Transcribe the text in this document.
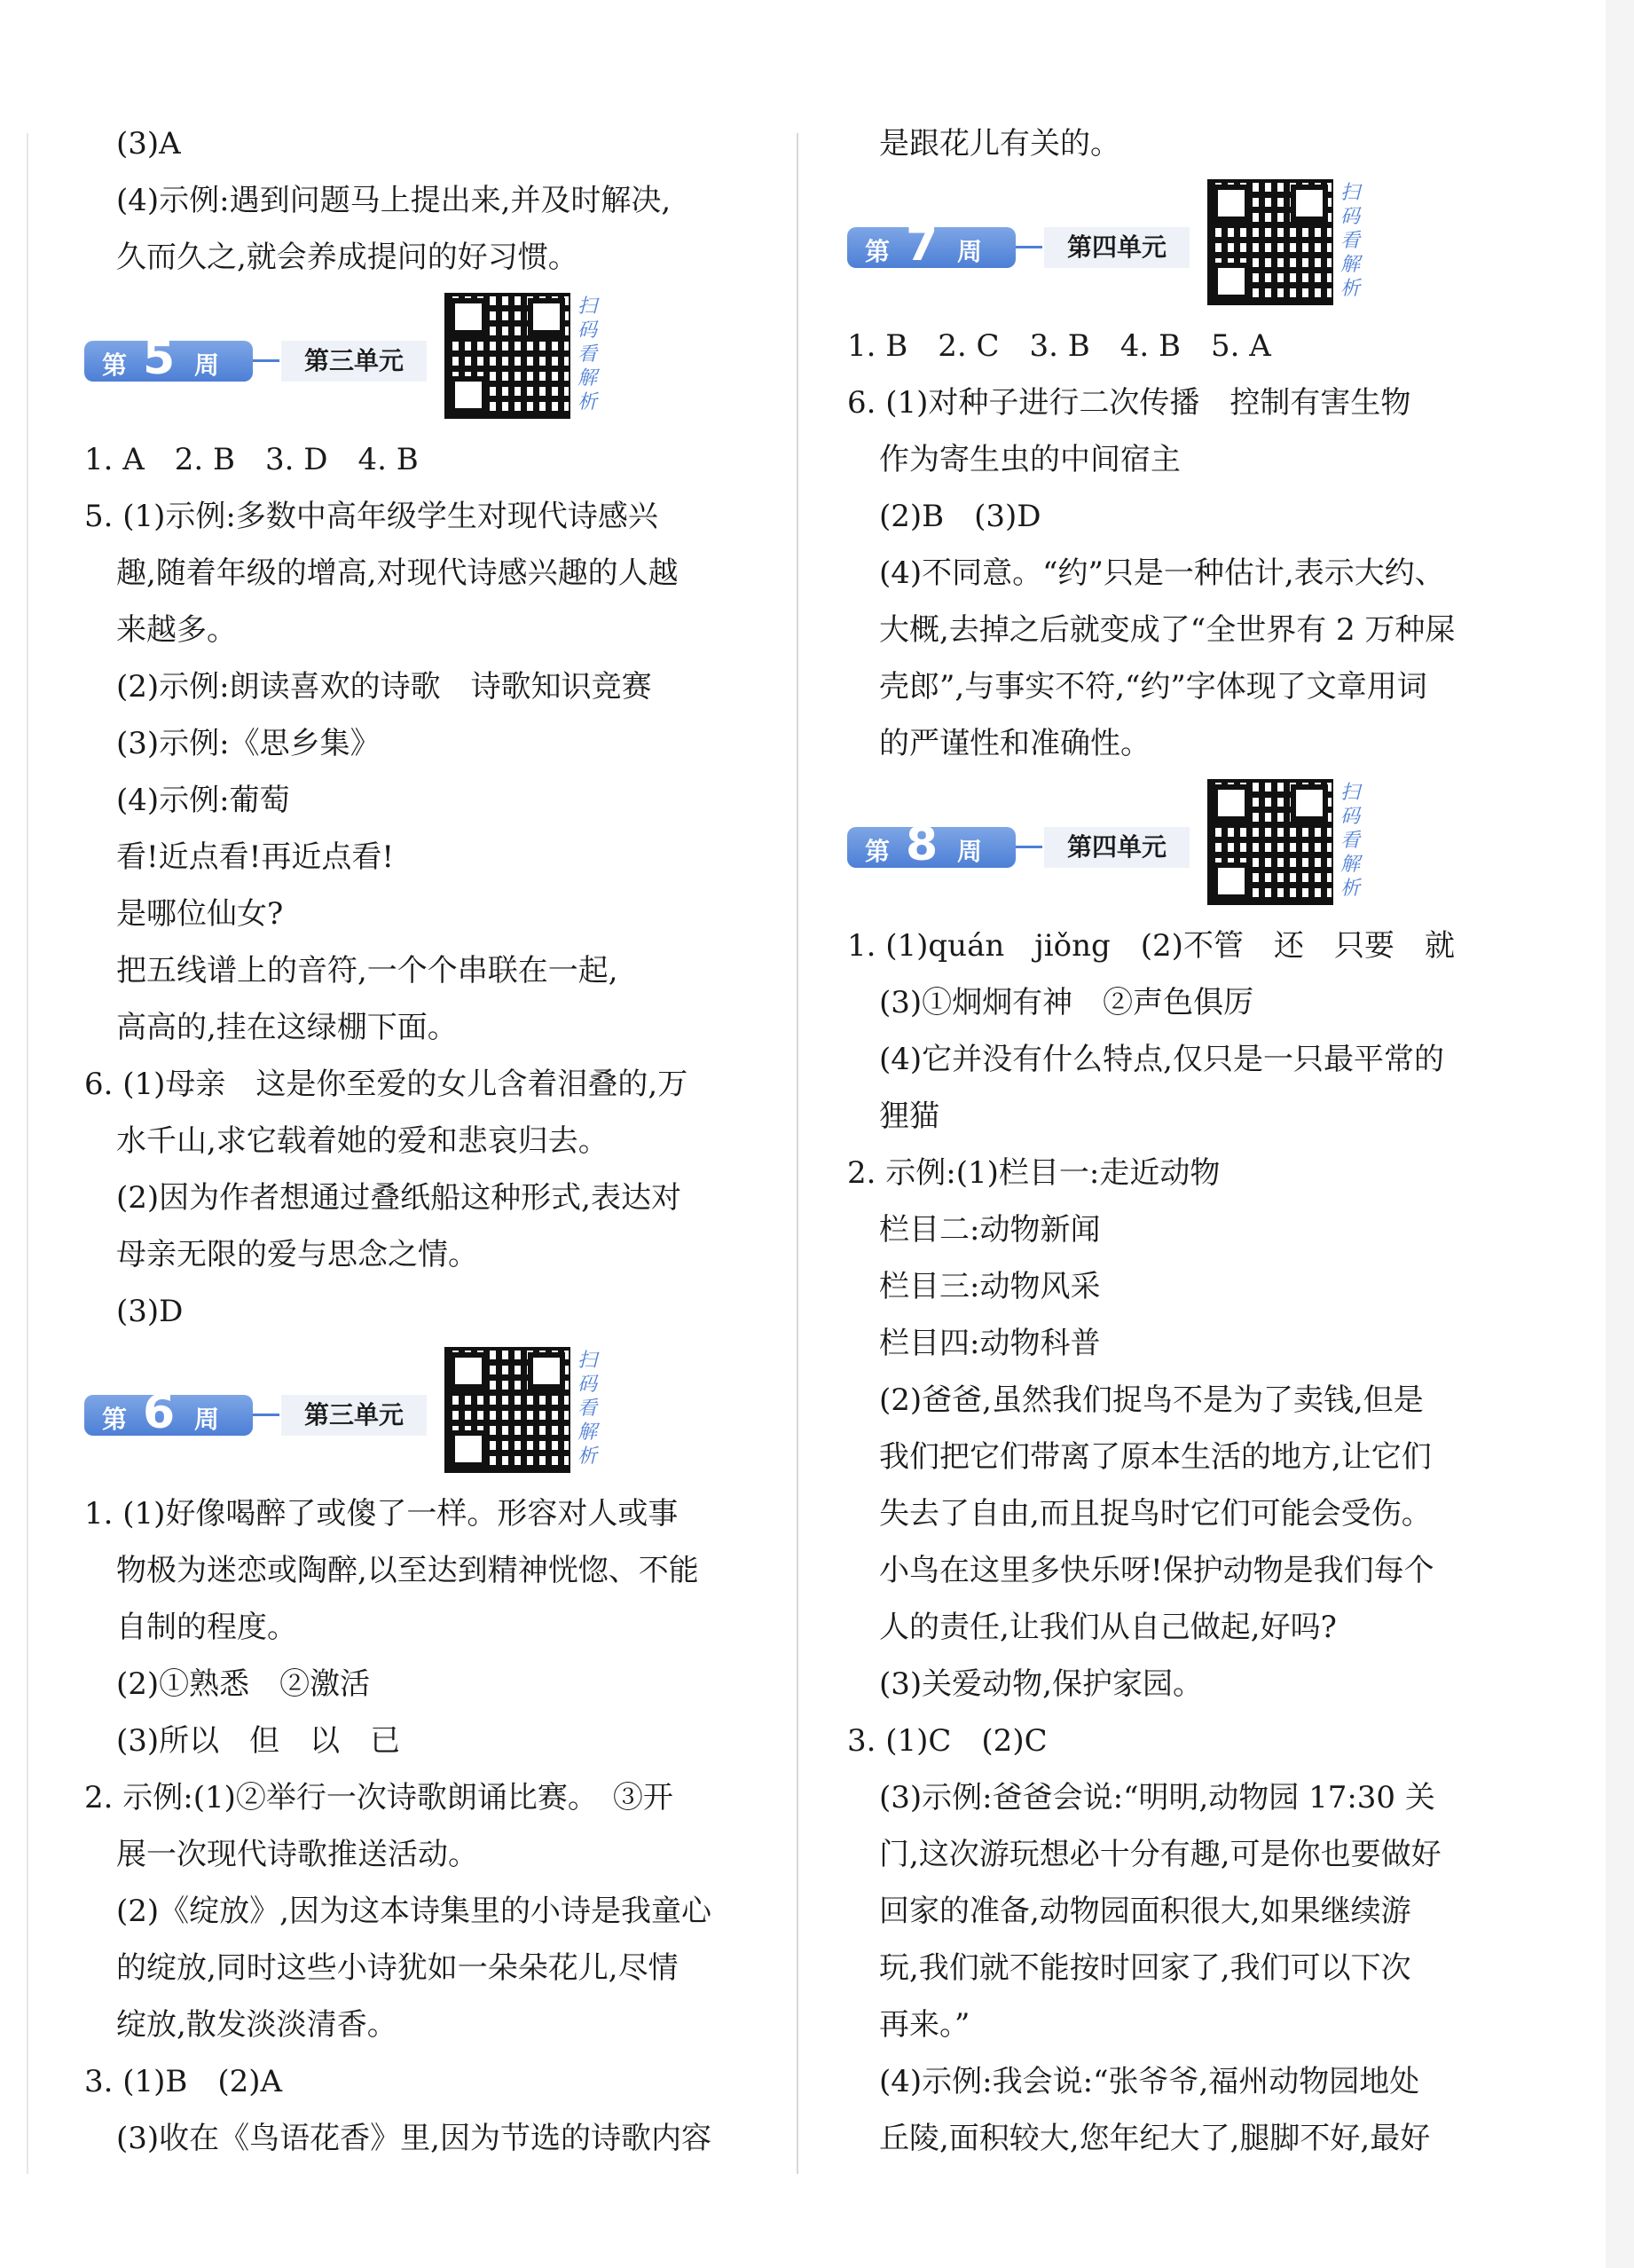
(3)A
(4)示例:遇到问题马上提出来,并及时解决,
久而久之,就会养成提问的好习惯。
第 5 周	第三单元
扫码看解析
1. A　2. B　3. D　4. B
5. (1)示例:多数中高年级学生对现代诗感兴
趣,随着年级的增高,对现代诗感兴趣的人越
来越多。
(2)示例:朗读喜欢的诗歌　诗歌知识竞赛
(3)示例:《思乡集》
(4)示例:葡萄
看!近点看!再近点看!
是哪位仙女?
把五线谱上的音符,一个个串联在一起,
高高的,挂在这绿棚下面。
6. (1)母亲　这是你至爱的女儿含着泪叠的,万
水千山,求它载着她的爱和悲哀归去。
(2)因为作者想通过叠纸船这种形式,表达对
母亲无限的爱与思念之情。
(3)D
第 6 周	第三单元
扫码看解析
1. (1)好像喝醉了或傻了一样。形容对人或事
物极为迷恋或陶醉,以至达到精神恍惚、不能
自制的程度。
(2)①熟悉　②激活
(3)所以　但　以　已
2. 示例:(1)②举行一次诗歌朗诵比赛。　③开
展一次现代诗歌推送活动。
(2)《绽放》,因为这本诗集里的小诗是我童心
的绽放,同时这些小诗犹如一朵朵花儿,尽情
绽放,散发淡淡清香。
3. (1)B　(2)A
(3)收在《鸟语花香》里,因为节选的诗歌内容
是跟花儿有关的。
第 7 周	第四单元
扫码看解析
1. B　2. C　3. B　4. B　5. A
6. (1)对种子进行二次传播　控制有害生物
作为寄生虫的中间宿主
(2)B　(3)D
(4)不同意。“约”只是一种估计,表示大约、
大概,去掉之后就变成了“全世界有 2 万种屎
壳郎”,与事实不符,“约”字体现了文章用词
的严谨性和准确性。
第 8 周	第四单元
扫码看解析
1. (1)quán　jiǒng　(2)不管　还　只要　就
(3)①炯炯有神　②声色俱厉
(4)它并没有什么特点,仅只是一只最平常的
狸猫
2. 示例:(1)栏目一:走近动物
栏目二:动物新闻
栏目三:动物风采
栏目四:动物科普
(2)爸爸,虽然我们捉鸟不是为了卖钱,但是
我们把它们带离了原本生活的地方,让它们
失去了自由,而且捉鸟时它们可能会受伤。
小鸟在这里多快乐呀!保护动物是我们每个
人的责任,让我们从自己做起,好吗?
(3)关爱动物,保护家园。
3. (1)C　(2)C
(3)示例:爸爸会说:“明明,动物园 17:30 关
门,这次游玩想必十分有趣,可是你也要做好
回家的准备,动物园面积很大,如果继续游
玩,我们就不能按时回家了,我们可以下次
再来。”
(4)示例:我会说:“张爷爷,福州动物园地处
丘陵,面积较大,您年纪大了,腿脚不好,最好
